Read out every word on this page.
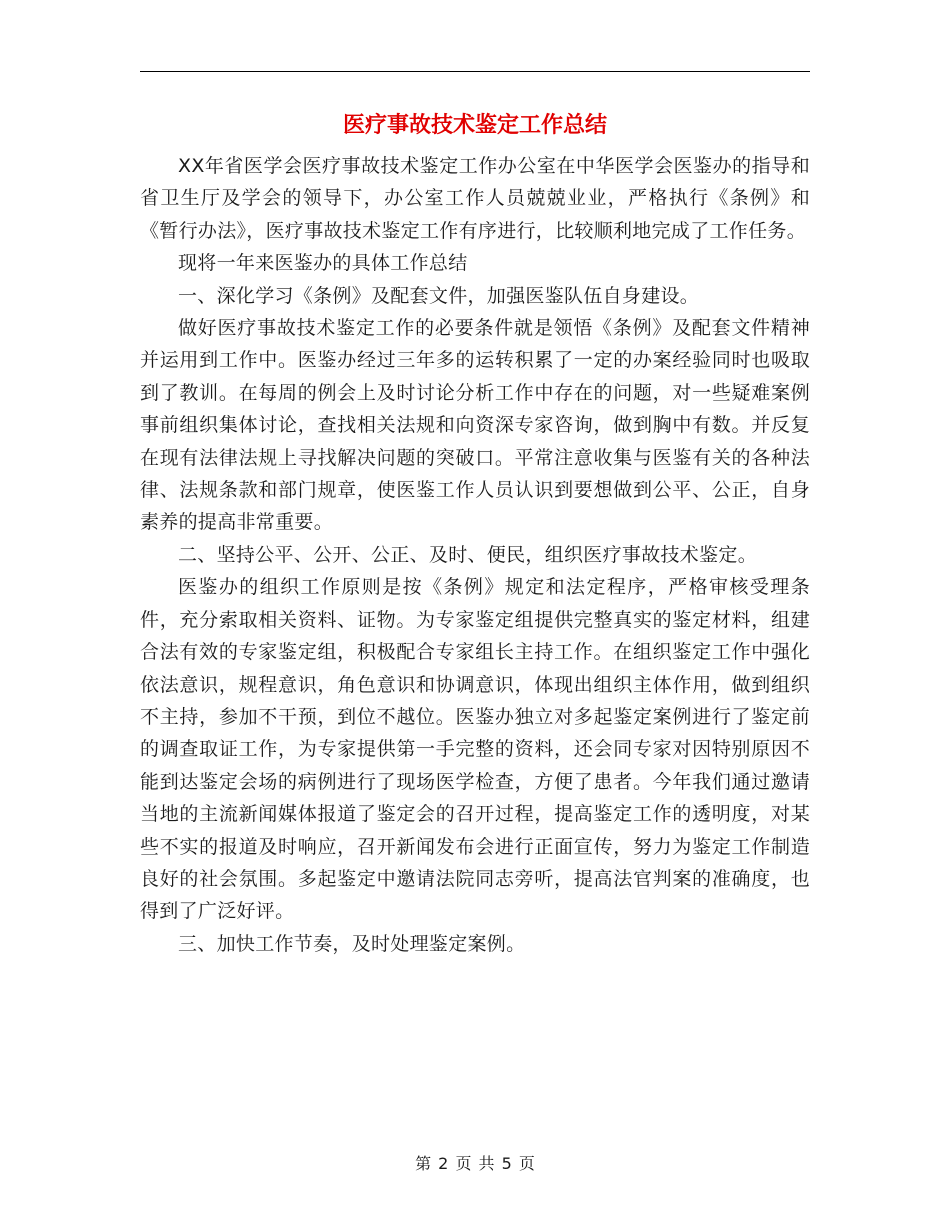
医疗事故技术鉴定工作总结

XX年省医学会医疗事故技术鉴定工作办公室在中华医学会医鉴办的指导和省卫生厅及学会的领导下，办公室工作人员兢兢业业，严格执行《条例》和《暂行办法》，医疗事故技术鉴定工作有序进行，比较顺利地完成了工作任务。

现将一年来医鉴办的具体工作总结

一、深化学习《条例》及配套文件，加强医鉴队伍自身建设。

做好医疗事故技术鉴定工作的必要条件就是领悟《条例》及配套文件精神并运用到工作中。医鉴办经过三年多的运转积累了一定的办案经验同时也吸取到了教训。在每周的例会上及时讨论分析工作中存在的问题，对一些疑难案例事前组织集体讨论，查找相关法规和向资深专家咨询，做到胸中有数。并反复在现有法律法规上寻找解决问题的突破口。平常注意收集与医鉴有关的各种法律、法规条款和部门规章，使医鉴工作人员认识到要想做到公平、公正，自身素养的提高非常重要。

二、坚持公平、公开、公正、及时、便民，组织医疗事故技术鉴定。

医鉴办的组织工作原则是按《条例》规定和法定程序，严格审核受理条件，充分索取相关资料、证物。为专家鉴定组提供完整真实的鉴定材料，组建合法有效的专家鉴定组，积极配合专家组长主持工作。在组织鉴定工作中强化依法意识，规程意识，角色意识和协调意识，体现出组织主体作用，做到组织不主持，参加不干预，到位不越位。医鉴办独立对多起鉴定案例进行了鉴定前的调查取证工作，为专家提供第一手完整的资料，还会同专家对因特别原因不能到达鉴定会场的病例进行了现场医学检查，方便了患者。今年我们通过邀请当地的主流新闻媒体报道了鉴定会的召开过程，提高鉴定工作的透明度，对某些不实的报道及时响应，召开新闻发布会进行正面宣传，努力为鉴定工作制造良好的社会氛围。多起鉴定中邀请法院同志旁听，提高法官判案的准确度，也得到了广泛好评。

三、加快工作节奏，及时处理鉴定案例。

第 2 页 共 5 页
